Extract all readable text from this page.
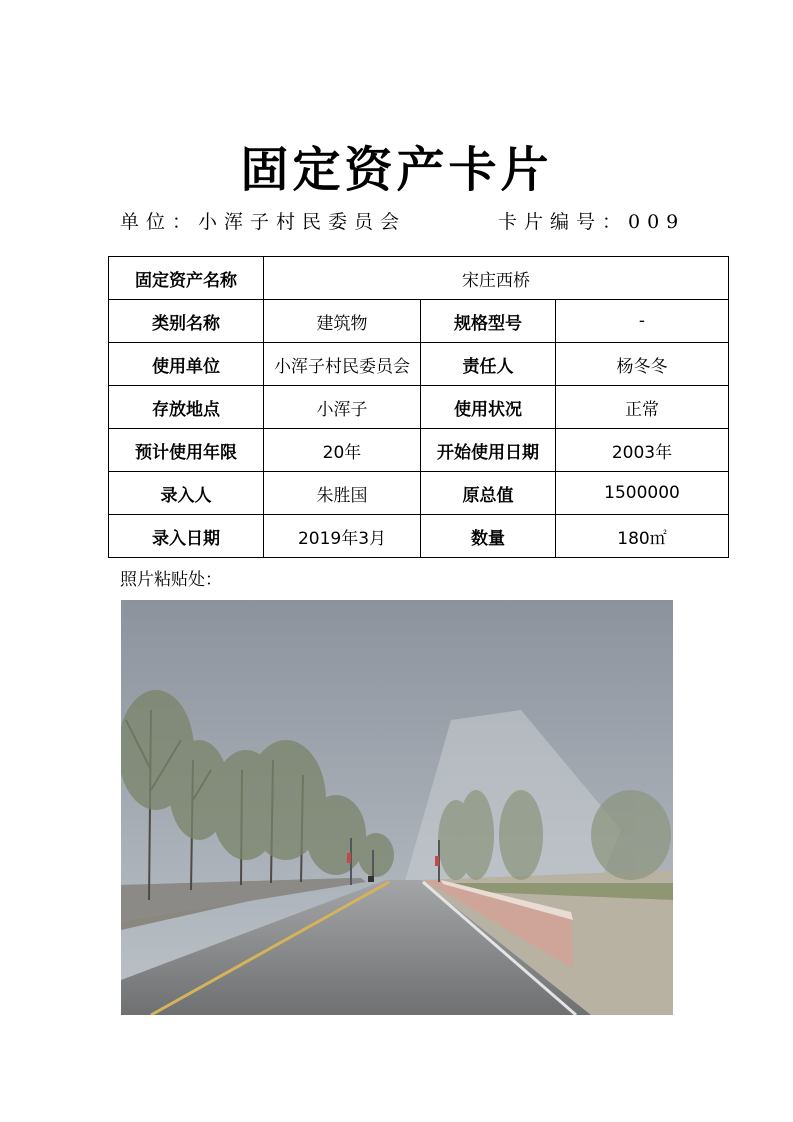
固定资产卡片
单位：小浑子村民委员会	卡片编号：009
固定资产名称	宋庄西桥		
类别名称	建筑物	规格型号	-
使用单位	小浑子村民委员会	责任人	杨冬冬
存放地点	小浑子	使用状况	正常
预计使用年限	20年	开始使用日期	2003年
录入人	朱胜国	原总值	1500000
录入日期	2019年3月	数量	180㎡
照片粘贴处：
